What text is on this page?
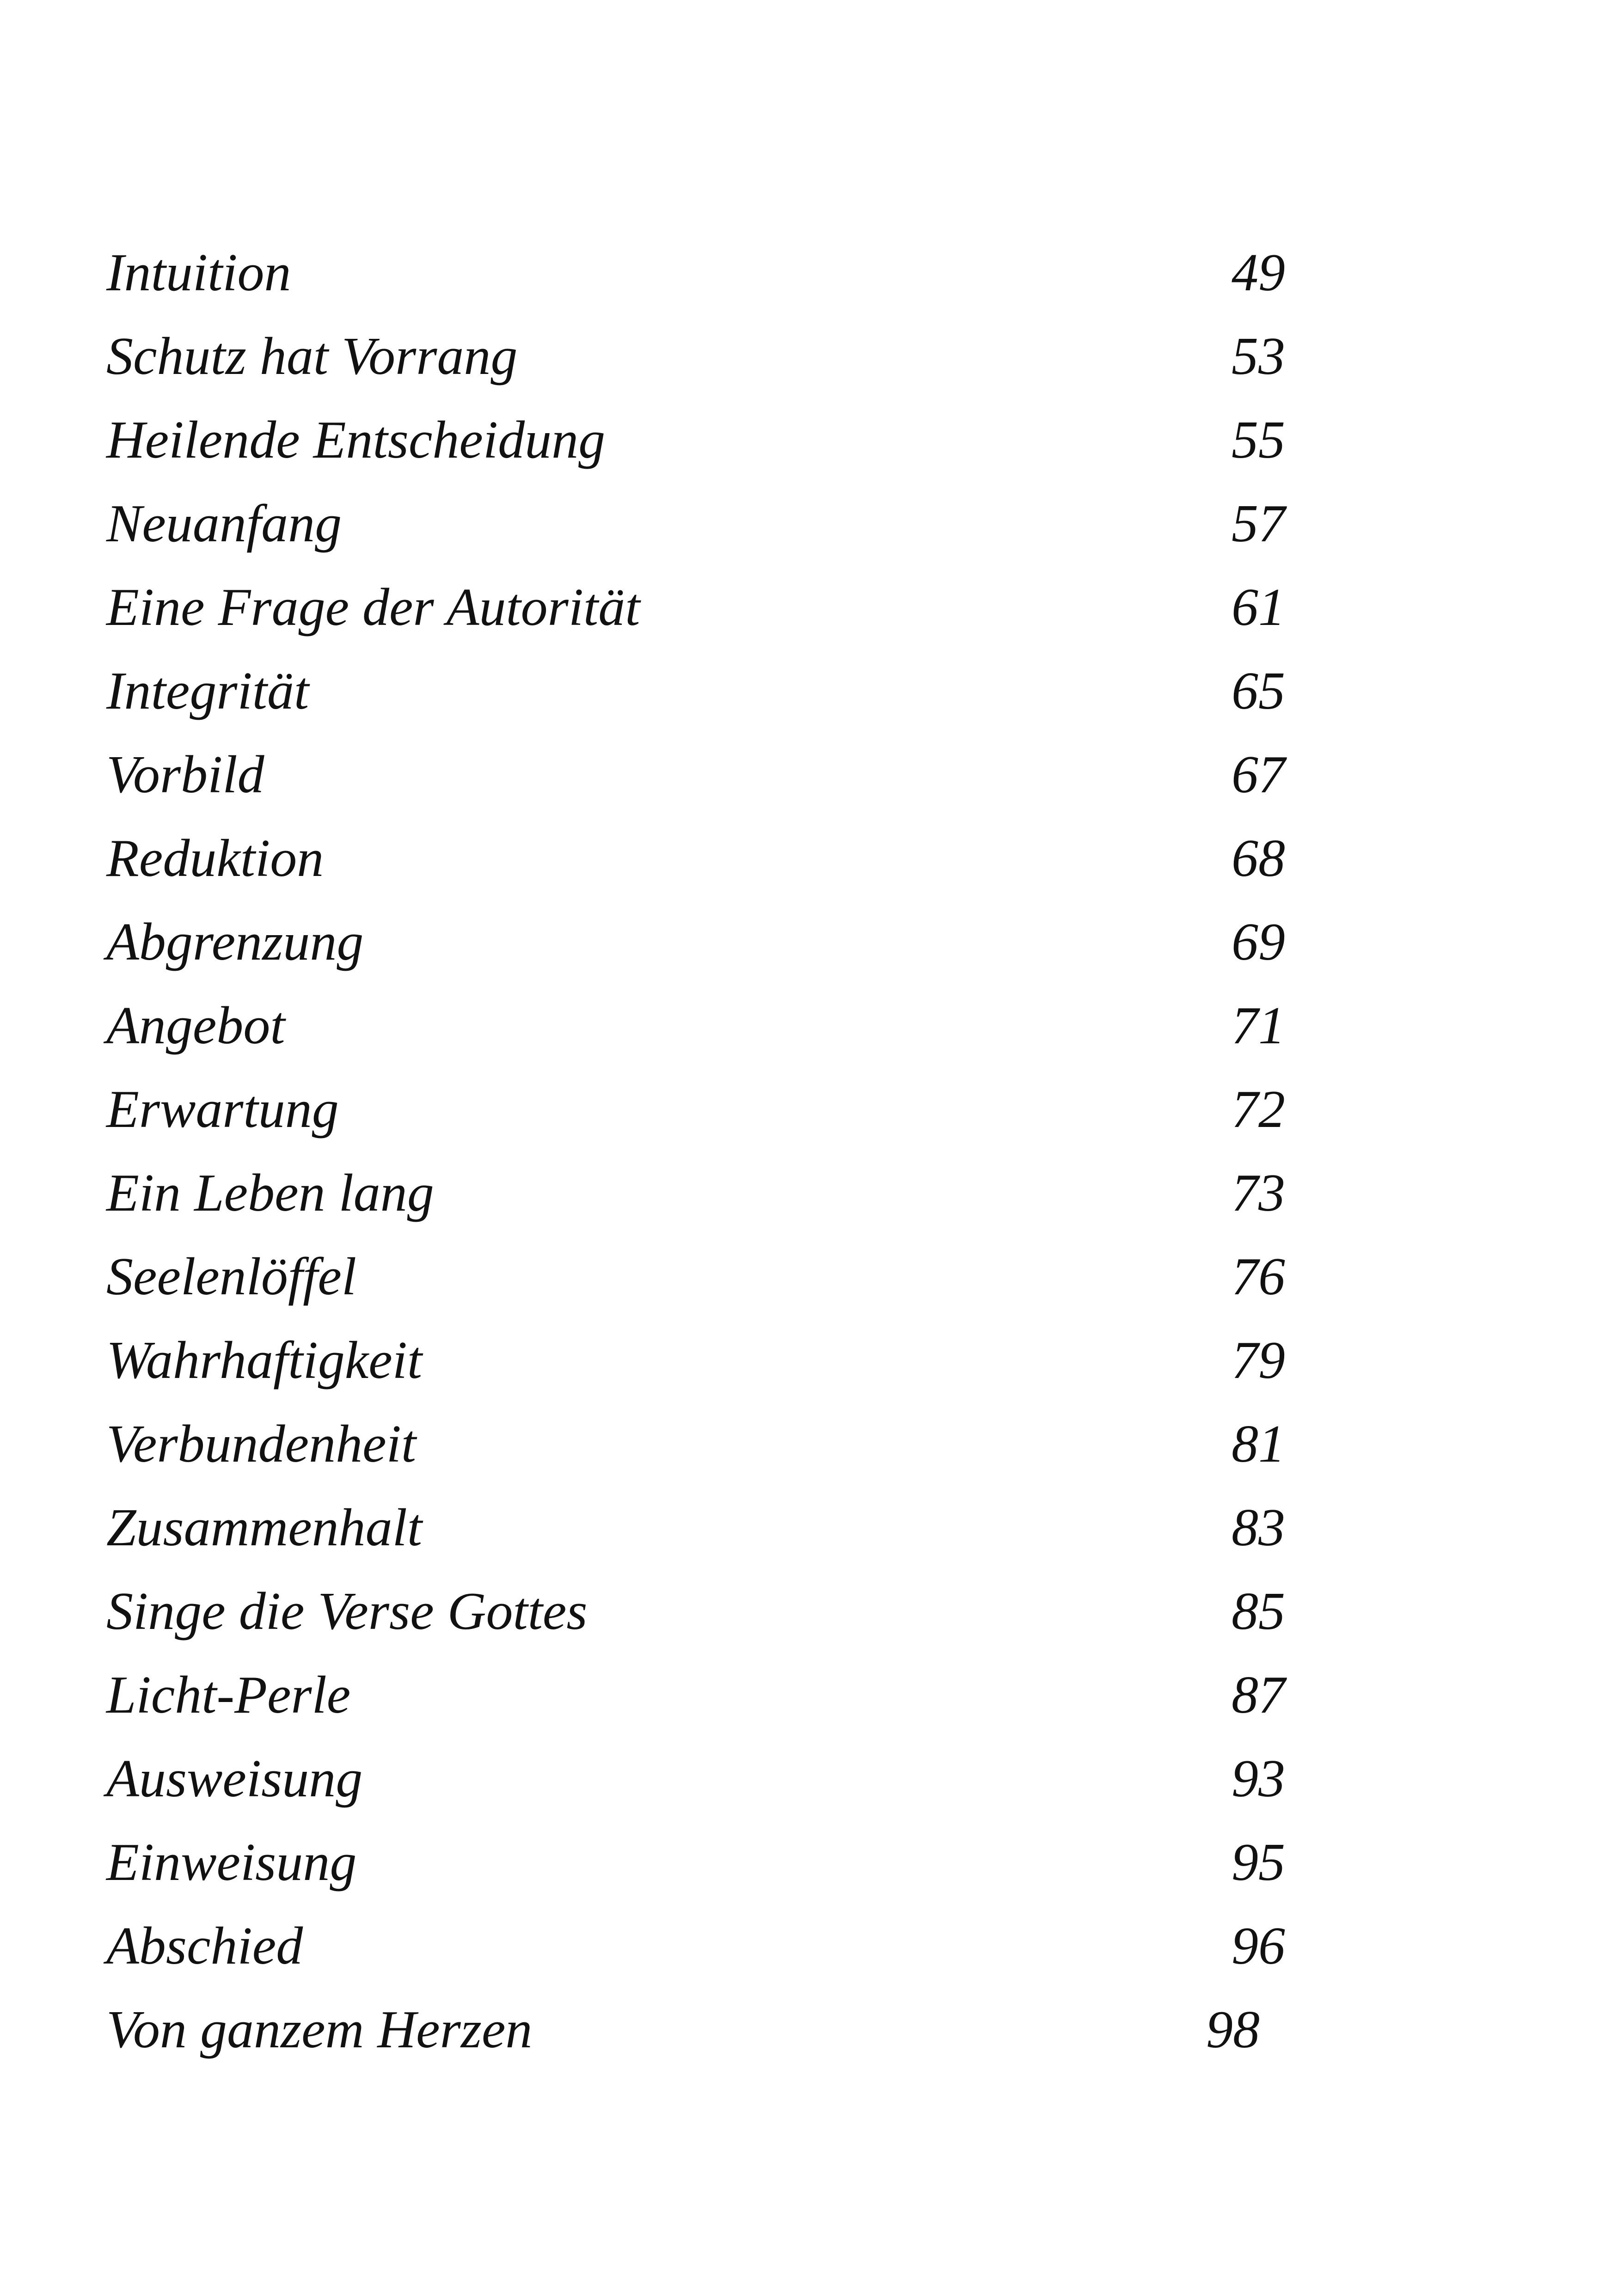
Intuition	49
Schutz hat Vorrang	53
Heilende Entscheidung	55
Neuanfang	57
Eine Frage der Autorität	61
Integrität	65
Vorbild	67
Reduktion	68
Abgrenzung	69
Angebot	71
Erwartung	72
Ein Leben lang	73
Seelenlöffel	76
Wahrhaftigkeit	79
Verbundenheit	81
Zusammenhalt	83
Singe die Verse Gottes	85
Licht-Perle	87
Ausweisung	93
Einweisung	95
Abschied	96
Von ganzem Herzen	98
